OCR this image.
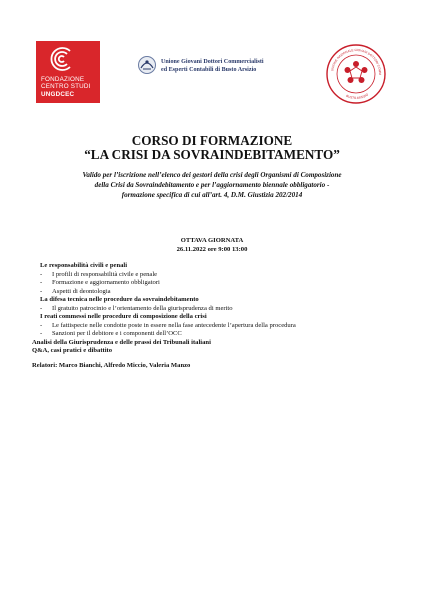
FONDAZIONE
CENTRO STUDI
UNGDCEC
Unione Giovani Dottori Commercialisti
ed Esperti Contabili di Busto Arsizio	UNIONE NAZIONALE GIOVANI DOTTORI COMM
BUSTO ARSIZIO
CORSO DI FORMAZIONE
“LA CRISI DA SOVRAINDEBITAMENTO”
Valido per l’iscrizione nell’elenco dei gestori della crisi degli Organismi di Composizione della Crisi da Sovraindebitamento e per l’aggiornamento biennale obbligatorio - formazione specifica di cui all’art. 4, D.M. Giustizia 202/2014
OTTAVA GIORNATA
26.11.2022 ore 9:00 13:00
Le responsabilità civili e penali
- I profili di responsabilità civile e penale
- Formazione e aggiornamento obbligatori
- Aspetti di deontologia
La difesa tecnica nelle procedure da sovraindebitamento
- Il gratuito patrocinio e l’orientamento della giurisprudenza di merito
I reati commessi nelle procedure di composizione della crisi
- Le fattispecie nelle condotte poste in essere nella fase antecedente l’apertura della procedura
- Sanzioni per il debitore e i componenti dell’OCC
Analisi della Giurisprudenza e delle prassi dei Tribunali italiani
Q&A, casi pratici e dibattito
Relatori: Marco Bianchi, Alfredo Miccio, Valeria Manzo
